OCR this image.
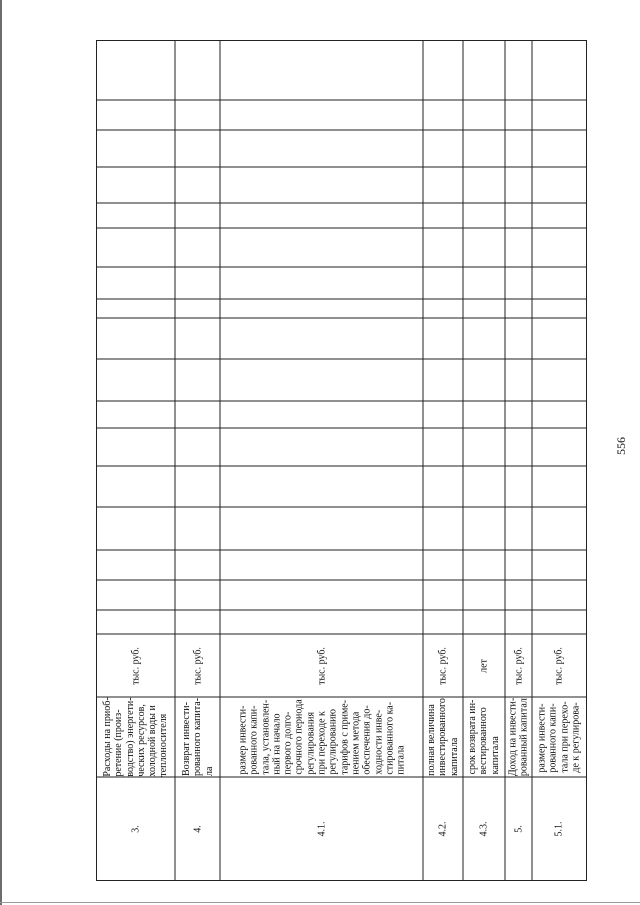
556
3.
Расходы на приоб-
ретение (произ-
водство) энергети-
ческих ресурсов,
холодной воды и
теплоносителя
тыс. руб.
4.
Возврат инвести-
рованного капита-
ла
тыс. руб.
4.1.
размер инвести-
рованного капи-
тала, установлен-
ный на начало
первого долго-
срочного периода
регулирования
при переходе к
регулированию
тарифов с приме-
нением метода
обеспечения до-
ходности инве-
стированного ка-
питала
тыс. руб.
4.2.
полная величина
инвестированного
капитала
тыс. руб.
4.3.
срок возврата ин-
вестированного
капитала
лет
5.
Доход на инвести-
рованный капитал
тыс. руб.
5.1.
размер инвести-
рованного капи-
тала при перехо-
де к регулирова-
тыс. руб.
